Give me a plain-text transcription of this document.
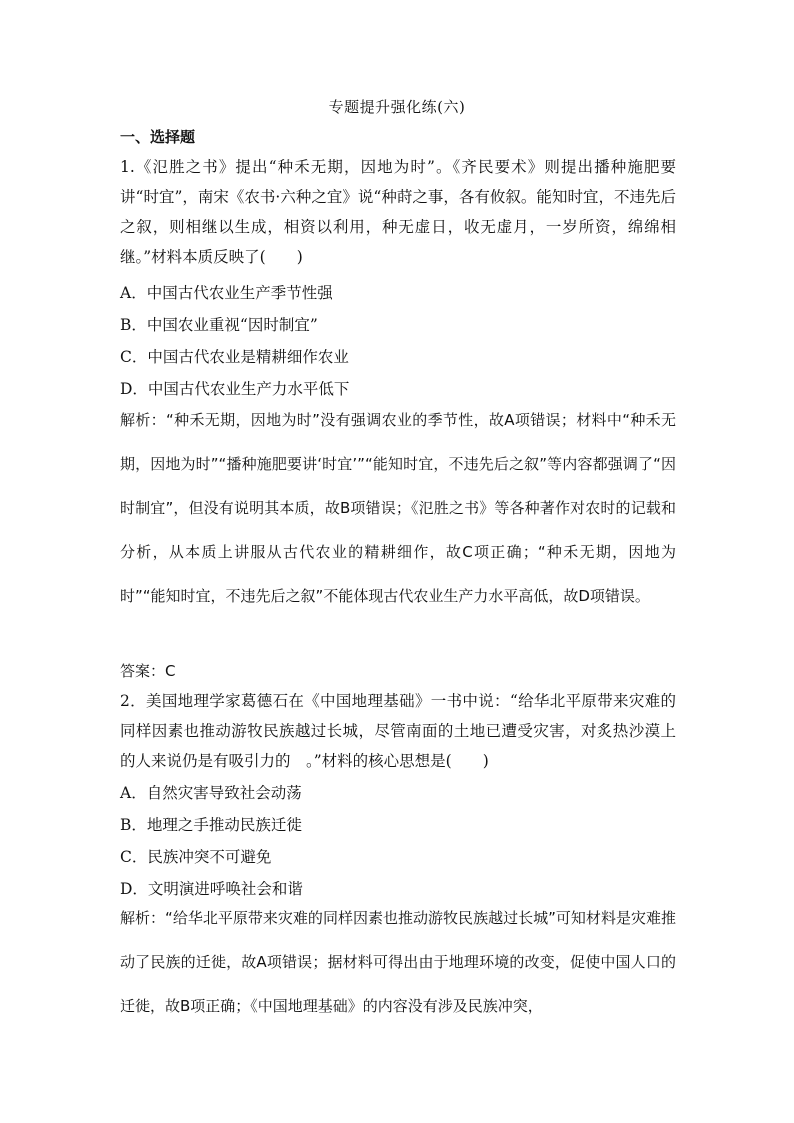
专题提升强化练(六)
一、选择题
1.《氾胜之书》提出“种禾无期，因地为时”。《齐民要术》则提出播种施肥要讲“时宜”，南宋《农书·六种之宜》说“种莳之事，各有攸叙。能知时宜，不违先后之叙，则相继以生成，相资以利用，种无虚日，收无虚月，一岁所资，绵绵相继。”材料本质反映了(　　)
A．中国古代农业生产季节性强
B．中国农业重视“因时制宜”
C．中国古代农业是精耕细作农业
D．中国古代农业生产力水平低下
解析：“种禾无期，因地为时”没有强调农业的季节性，故A项错误；材料中“种禾无期，因地为时”“播种施肥要讲‘时宜’”“能知时宜，不违先后之叙”等内容都强调了“因时制宜”，但没有说明其本质，故B项错误；《氾胜之书》等各种著作对农时的记载和分析，从本质上讲服从古代农业的精耕细作，故C项正确；“种禾无期，因地为时”“能知时宜，不违先后之叙”不能体现古代农业生产力水平高低，故D项错误。
答案：C
2．美国地理学家葛德石在《中国地理基础》一书中说：“给华北平原带来灾难的同样因素也推动游牧民族越过长城，尽管南面的土地已遭受灾害，对炙热沙漠上的人来说仍是有吸引力的　。”材料的核心思想是(　　)
A．自然灾害导致社会动荡
B．地理之手推动民族迁徙
C．民族冲突不可避免
D．文明演进呼唤社会和谐
解析：“给华北平原带来灾难的同样因素也推动游牧民族越过长城”可知材料是灾难推动了民族的迁徙，故A项错误；据材料可得出由于地理环境的改变，促使中国人口的迁徙，故B项正确；《中国地理基础》的内容没有涉及民族冲突，
